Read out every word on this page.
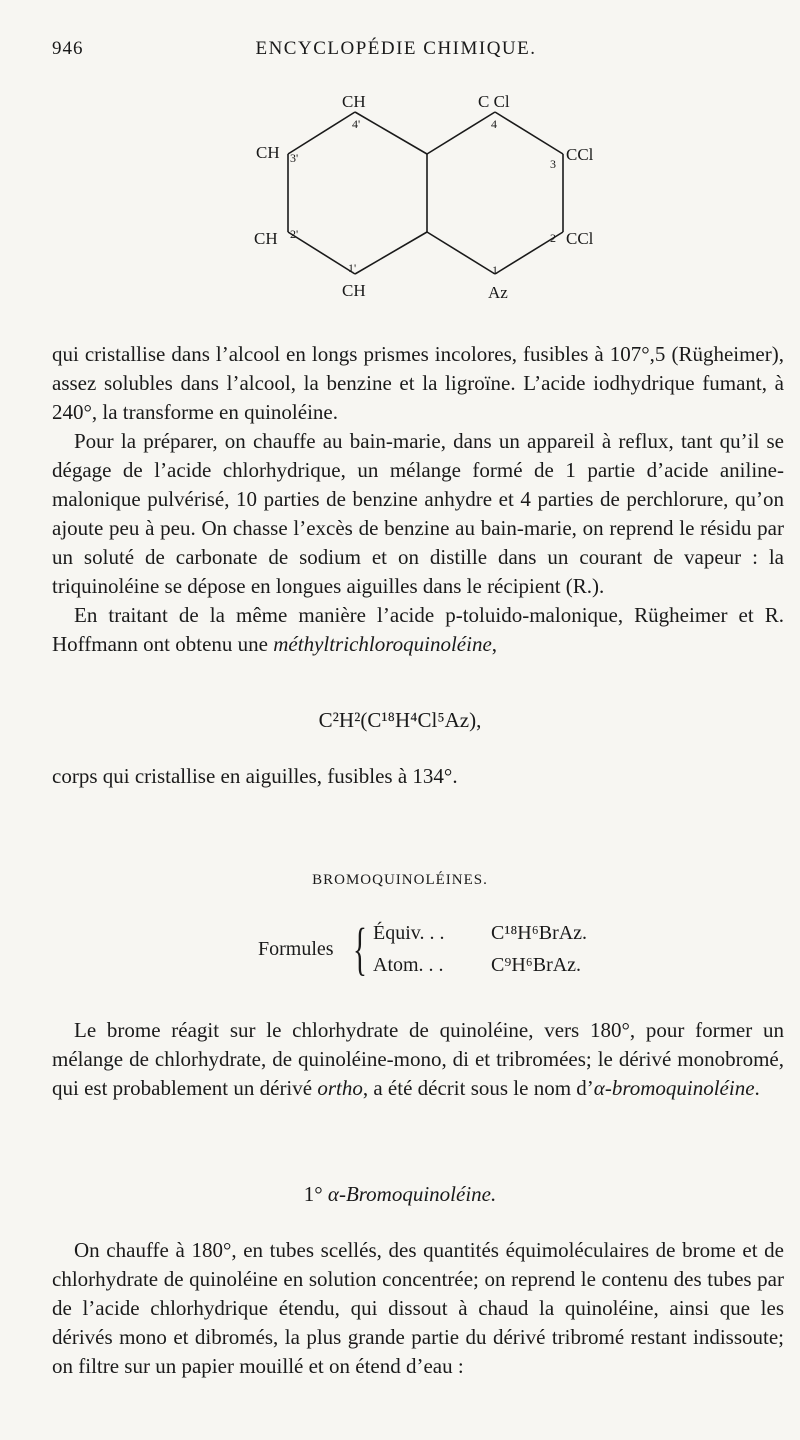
946	ENCYCLOPÉDIE CHIMIQUE.
CH
4'
C Cl
4
CH 3'	CCl
3
CH 2'	CCl
2
CH
1'
Az
1

qui cristallise dans l’alcool en longs prismes incolores, fusibles à 107°,5 (Rügheimer), assez solubles dans l’alcool, la benzine et la ligroïne. L’acide iodhydrique fumant, à 240°, la transforme en quinoléine.

Pour la préparer, on chauffe au bain-marie, dans un appareil à reflux, tant qu’il se dégage de l’acide chlorhydrique, un mélange formé de 1 partie d’acide aniline-malonique pulvérisé, 10 parties de benzine anhydre et 4 parties de perchlorure, qu’on ajoute peu à peu. On chasse l’excès de benzine au bain-marie, on reprend le résidu par un soluté de carbonate de sodium et on distille dans un courant de vapeur : la triquinoléine se dépose en longues aiguilles dans le récipient (R.).

En traitant de la même manière l’acide p-toluido-malonique, Rügheimer et R. Hoffmann ont obtenu une méthyltrichloroquinoléine,

C²H²(C¹⁸H⁴Cl⁵Az),

corps qui cristallise en aiguilles, fusibles à 134°.

BROMOQUINOLÉINES.
Formules { Équiv. . . C¹⁸H⁶BrAz.
Atom. . . C⁹H⁶BrAz.

Le brome réagit sur le chlorhydrate de quinoléine, vers 180°, pour former un mélange de chlorhydrate, de quinoléine-mono, di et tribromées; le dérivé monobromé, qui est probablement un dérivé ortho, a été décrit sous le nom d’α-bromoquinoléine.

1° α-Bromoquinoléine.

On chauffe à 180°, en tubes scellés, des quantités équimoléculaires de brome et de chlorhydrate de quinoléine en solution concentrée; on reprend le contenu des tubes par de l’acide chlorhydrique étendu, qui dissout à chaud la quinoléine, ainsi que les dérivés mono et dibromés, la plus grande partie du dérivé tribromé restant indissoute; on filtre sur un papier mouillé et on étend d’eau :
